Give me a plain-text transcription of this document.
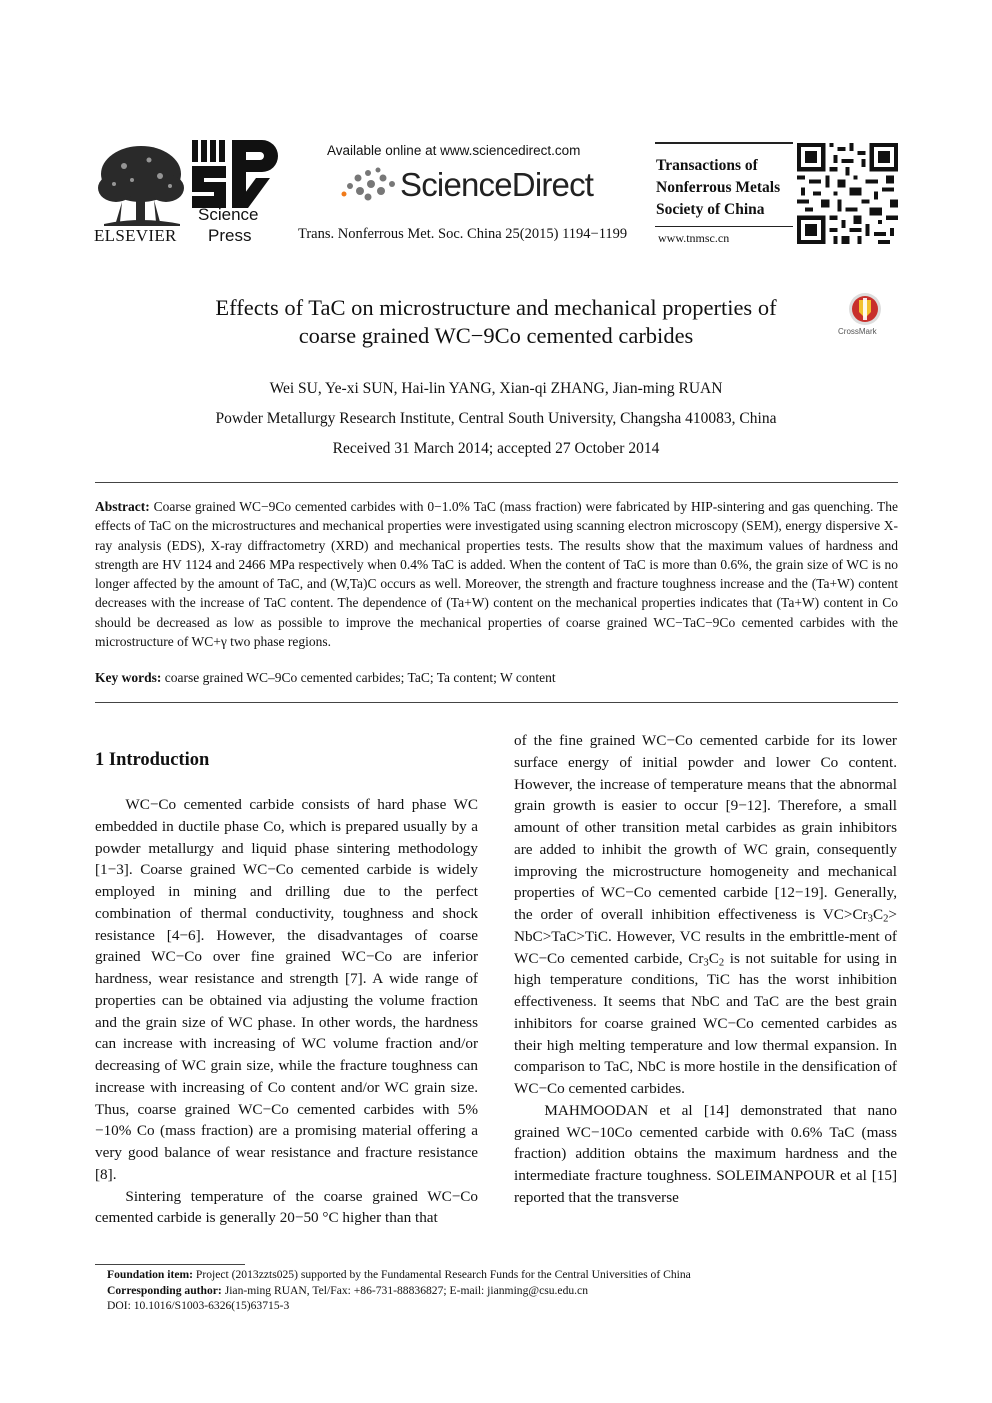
ELSEVIER
Science
Press
Available online at www.sciencedirect.com
ScienceDirect
Trans. Nonferrous Met. Soc. China 25(2015) 1194−1199
Transactions of
Nonferrous Metals
Society of China
www.tnmsc.cn
Effects of TaC on microstructure and mechanical properties of
coarse grained WC−9Co cemented carbides	CrossMark
Wei SU, Ye-xi SUN, Hai-lin YANG, Xian-qi ZHANG, Jian-ming RUAN
Powder Metallurgy Research Institute, Central South University, Changsha 410083, China
Received 31 March 2014; accepted 27 October 2014
Abstract: Coarse grained WC−9Co cemented carbides with 0−1.0% TaC (mass fraction) were fabricated by HIP-sintering and gas quenching. The effects of TaC on the microstructures and mechanical properties were investigated using scanning electron microscopy (SEM), energy dispersive X-ray analysis (EDS), X-ray diffractometry (XRD) and mechanical properties tests. The results show that the maximum values of hardness and strength are HV 1124 and 2466 MPa respectively when 0.4% TaC is added. When the content of TaC is more than 0.6%, the grain size of WC is no longer affected by the amount of TaC, and (W,Ta)C occurs as well. Moreover, the strength and fracture toughness increase and the (Ta+W) content decreases with the increase of TaC content. The dependence of (Ta+W) content on the mechanical properties indicates that (Ta+W) content in Co should be decreased as low as possible to improve the mechanical properties of coarse grained WC−TaC−9Co cemented carbides with the microstructure of WC+γ two phase regions.
Key words: coarse grained WC–9Co cemented carbides; TaC; Ta content; W content
1 Introduction

WC−Co cemented carbide consists of hard phase WC embedded in ductile phase Co, which is prepared usually by a powder metallurgy and liquid phase sintering methodology [1−3]. Coarse grained WC−Co cemented carbide is widely employed in mining and drilling due to the perfect combination of thermal conductivity, toughness and shock resistance [4−6]. However, the disadvantages of coarse grained WC−Co over fine grained WC−Co are inferior hardness, wear resistance and strength [7]. A wide range of properties can be obtained via adjusting the volume fraction and the grain size of WC phase. In other words, the hardness can increase with increasing of WC volume fraction and/or decreasing of WC grain size, while the fracture toughness can increase with increasing of Co content and/or WC grain size. Thus, coarse grained WC−Co cemented carbides with 5%−10% Co (mass fraction) are a promising material offering a very good balance of wear resistance and fracture resistance [8].

Sintering temperature of the coarse grained WC−Co cemented carbide is generally 20−50 °C higher than that

of the fine grained WC−Co cemented carbide for its lower surface energy of initial powder and lower Co content. However, the increase of temperature means that the abnormal grain growth is easier to occur [9−12]. Therefore, a small amount of other transition metal carbides as grain inhibitors are added to inhibit the growth of WC grain, consequently improving the microstructure homogeneity and mechanical properties of WC−Co cemented carbide [12−19]. Generally, the order of overall inhibition effectiveness is $VC>Cr_3C_2> NbC>TaC>TiC$. However, VC results in the embrittle-ment of WC−Co cemented carbide, $Cr_3C_2$ is not suitable for using in high temperature conditions, TiC has the worst inhibition effectiveness. It seems that NbC and TaC are the best grain inhibitors for coarse grained WC−Co cemented carbides as their high melting temperature and low thermal expansion. In comparison to TaC, NbC is more hostile in the densification of WC−Co cemented carbides.

MAHMOODAN et al [14] demonstrated that nano grained WC−10Co cemented carbide with 0.6% TaC (mass fraction) addition obtains the maximum hardness and the intermediate fracture toughness. SOLEIMANPOUR et al [15] reported that the transverse

Foundation item: Project (2013zzts025) supported by the Fundamental Research Funds for the Central Universities of China
Corresponding author: Jian-ming RUAN, Tel/Fax: +86-731-88836827; E-mail: jianming@csu.edu.cn
DOI: 10.1016/S1003-6326(15)63715-3
